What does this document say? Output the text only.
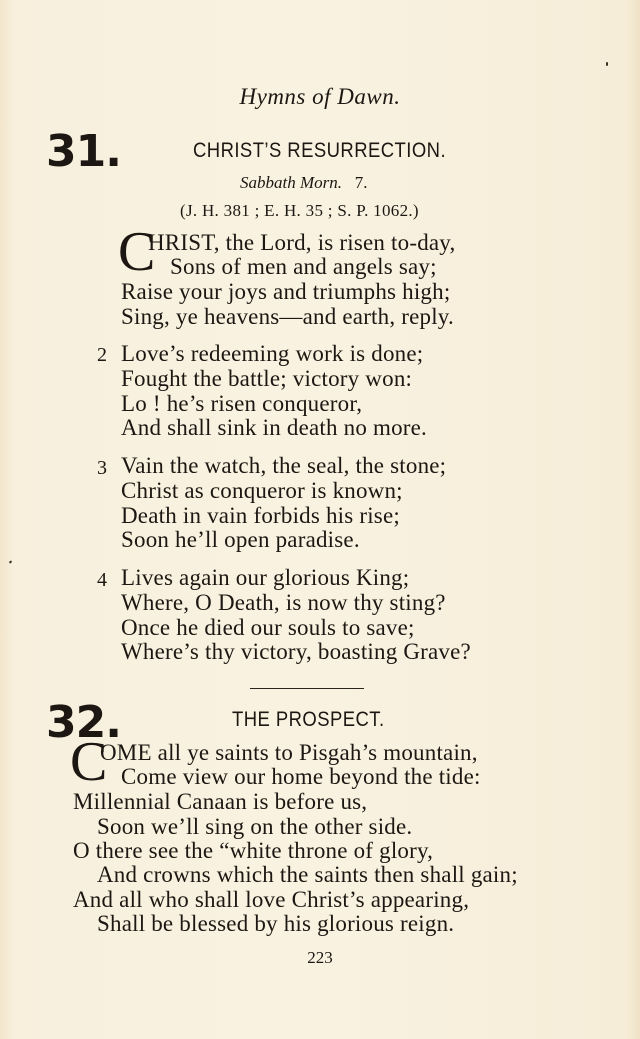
Hymns of Dawn.
31.	CHRIST’S RESURRECTION.
Sabbath Morn. 7.
(J. H. 381 ; E. H. 35 ; S. P. 1062.)
C
HRIST, the Lord, is risen to-day,
Sons of men and angels say;
Raise your joys and triumphs high;
Sing, ye heavens—and earth, reply.
2 Love’s redeeming work is done;
Fought the battle; victory won:
Lo ! he’s risen conqueror,
And shall sink in death no more.
3 Vain the watch, the seal, the stone;
Christ as conqueror is known;
Death in vain forbids his rise;
Soon he’ll open paradise.
4 Lives again our glorious King;
Where, O Death, is now thy sting?
Once he died our souls to save;
Where’s thy victory, boasting Grave?
32.	THE PROSPECT.
C
OME all ye saints to Pisgah’s mountain,
Come view our home beyond the tide:
Millennial Canaan is before us,
Soon we’ll sing on the other side.
O there see the “white throne of glory,
And crowns which the saints then shall gain;
And all who shall love Christ’s appearing,
Shall be blessed by his glorious reign.
223
